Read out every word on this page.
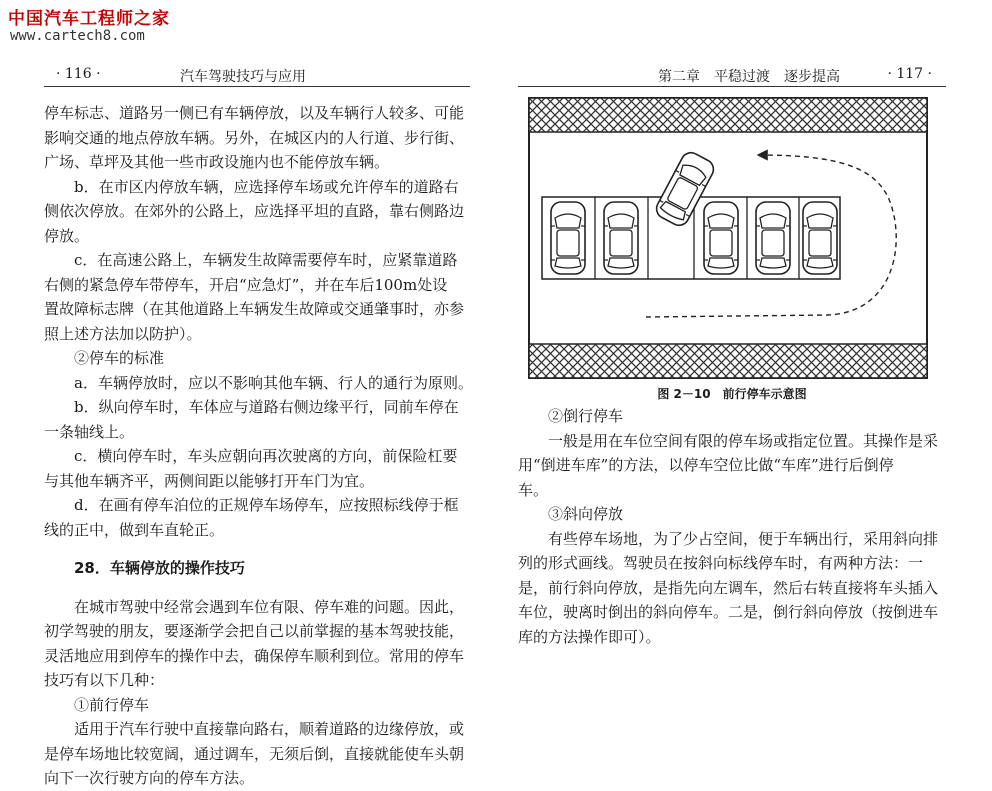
中国汽车工程师之家
www.cartech8.com
· 116 ·	汽车驾驶技巧与应用
停车标志、道路另一侧已有车辆停放，以及车辆行人较多、可能
影响交通的地点停放车辆。另外，在城区内的人行道、步行街、
广场、草坪及其他一些市政设施内也不能停放车辆。
b．在市区内停放车辆，应选择停车场或允许停车的道路右
侧依次停放。在郊外的公路上，应选择平坦的直路，靠右侧路边
停放。
c．在高速公路上，车辆发生故障需要停车时，应紧靠道路
右侧的紧急停车带停车，开启“应急灯”，并在车后100m处设
置故障标志牌（在其他道路上车辆发生故障或交通肇事时，亦参
照上述方法加以防护）。
②停车的标准
a．车辆停放时，应以不影响其他车辆、行人的通行为原则。
b．纵向停车时，车体应与道路右侧边缘平行，同前车停在
一条轴线上。
c．横向停车时，车头应朝向再次驶离的方向，前保险杠要
与其他车辆齐平，两侧间距以能够打开车门为宜。
d．在画有停车泊位的正规停车场停车，应按照标线停于框
线的正中，做到车直轮正。
28．车辆停放的操作技巧
在城市驾驶中经常会遇到车位有限、停车难的问题。因此，
初学驾驶的朋友，要逐渐学会把自己以前掌握的基本驾驶技能，
灵活地应用到停车的操作中去，确保停车顺利到位。常用的停车
技巧有以下几种：
①前行停车
适用于汽车行驶中直接靠向路右，顺着道路的边缘停放，或
是停车场地比较宽阔，通过调车，无须后倒，直接就能使车头朝
向下一次行驶方向的停车方法。
第二章　平稳过渡　逐步提高	· 117 ·
图 2－10　前行停车示意图
②倒行停车
一般是用在车位空间有限的停车场或指定位置。其操作是采
用“倒进车库”的方法，以停车空位比做“车库”进行后倒停
车。
③斜向停放
有些停车场地，为了少占空间，便于车辆出行，采用斜向排
列的形式画线。驾驶员在按斜向标线停车时，有两种方法：一
是，前行斜向停放，是指先向左调车，然后右转直接将车头插入
车位，驶离时倒出的斜向停车。二是，倒行斜向停放（按倒进车
库的方法操作即可）。
